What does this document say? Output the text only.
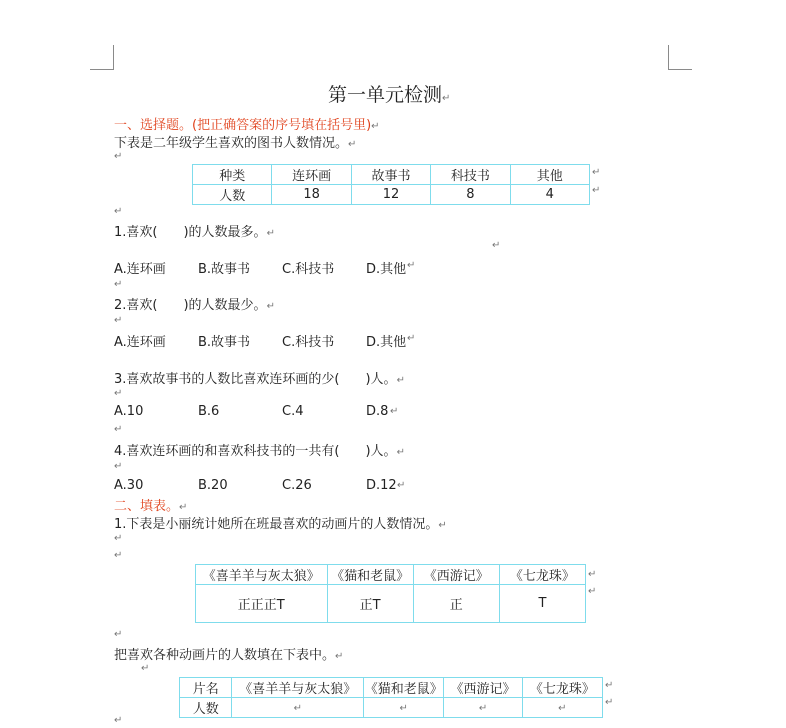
第一单元检测↵
一、选择题。(把正确答案的序号填在括号里)↵
下表是二年级学生喜欢的图书人数情况。↵
↵
种类	连环画	故事书	科技书	其他
人数	18	12	8	4
↵
↵
↵
1.喜欢(　　)的人数最多。↵
↵
A.连环画 B.故事书 C.科技书 D.其他 ↵
↵
2.喜欢(　　)的人数最少。↵
↵
A.连环画 B.故事书 C.科技书 D.其他 ↵
3.喜欢故事书的人数比喜欢连环画的少(　　)人。↵
↵
A.10	B.6	C.4	D.8 ↵
↵
4.喜欢连环画的和喜欢科技书的一共有(　　)人。↵
↵
A.30	B.20	C.26	D.12 ↵
二、填表。↵
1.下表是小丽统计她所在班最喜欢的动画片的人数情况。↵
↵
↵
《喜羊羊与灰太狼》	《猫和老鼠》	《西游记》	《七龙珠》
正正正T	正T	正	T
↵
↵
↵
把喜欢各种动画片的人数填在下表中。↵
↵
片名	《喜羊羊与灰太狼》	《猫和老鼠》	《西游记》	《七龙珠》
人数	↵	↵	↵	↵
↵
↵
↵
